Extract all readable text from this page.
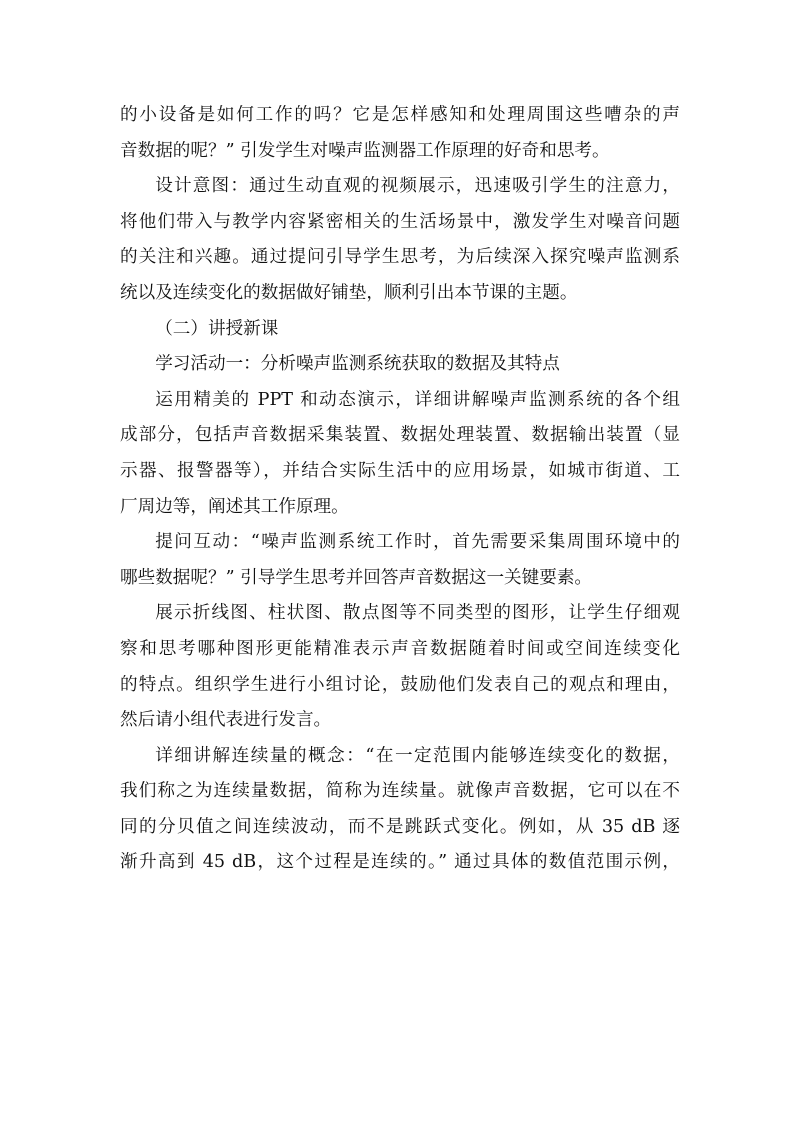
的小设备是如何工作的吗？它是怎样感知和处理周围这些嘈杂的声
音数据的呢？” 引发学生对噪声监测器工作原理的好奇和思考。
设计意图：通过生动直观的视频展示，迅速吸引学生的注意力，
将他们带入与教学内容紧密相关的生活场景中，激发学生对噪音问题
的关注和兴趣。通过提问引导学生思考，为后续深入探究噪声监测系
统以及连续变化的数据做好铺垫，顺利引出本节课的主题。
（二）讲授新课
学习活动一：分析噪声监测系统获取的数据及其特点
运用精美的 PPT 和动态演示，详细讲解噪声监测系统的各个组
成部分，包括声音数据采集装置、数据处理装置、数据输出装置（显
示器、报警器等），并结合实际生活中的应用场景，如城市街道、工
厂周边等，阐述其工作原理。
提问互动：“噪声监测系统工作时，首先需要采集周围环境中的
哪些数据呢？” 引导学生思考并回答声音数据这一关键要素。
展示折线图、柱状图、散点图等不同类型的图形，让学生仔细观
察和思考哪种图形更能精准表示声音数据随着时间或空间连续变化
的特点。组织学生进行小组讨论，鼓励他们发表自己的观点和理由，
然后请小组代表进行发言。
详细讲解连续量的概念：“在一定范围内能够连续变化的数据，
我们称之为连续量数据，简称为连续量。就像声音数据，它可以在不
同的分贝值之间连续波动，而不是跳跃式变化。例如，从 35 dB 逐
渐升高到 45 dB，这个过程是连续的。” 通过具体的数值范围示例，
